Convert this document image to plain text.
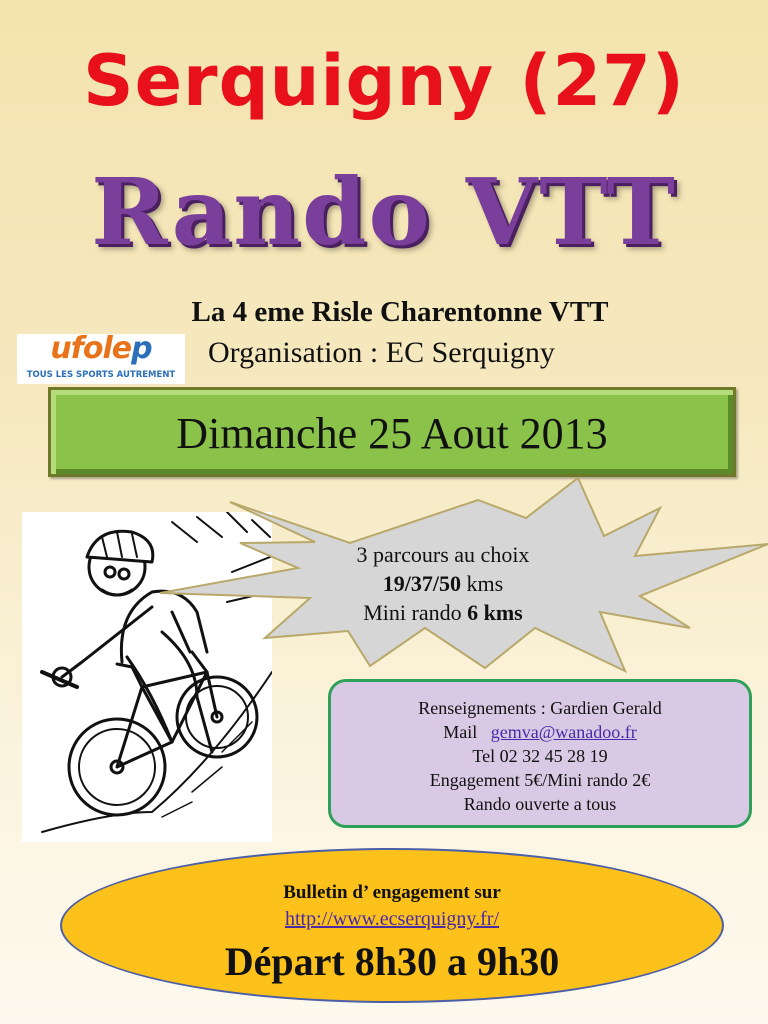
Serquigny (27)
Rando VTT
La 4 eme Risle Charentonne VTT
ufolep
TOUS LES SPORTS AUTREMENT
Organisation : EC Serquigny
Dimanche 25 Aout 2013
3 parcours au choix
19/37/50 kms
Mini rando 6 kms
Renseignements : Gardien Gerald
Mail gemva@wanadoo.fr
Tel 02 32 45 28 19
Engagement 5€/Mini rando 2€
Rando ouverte a tous
Bulletin d’ engagement sur
http://www.ecserquigny.fr/
Départ 8h30 a 9h30
